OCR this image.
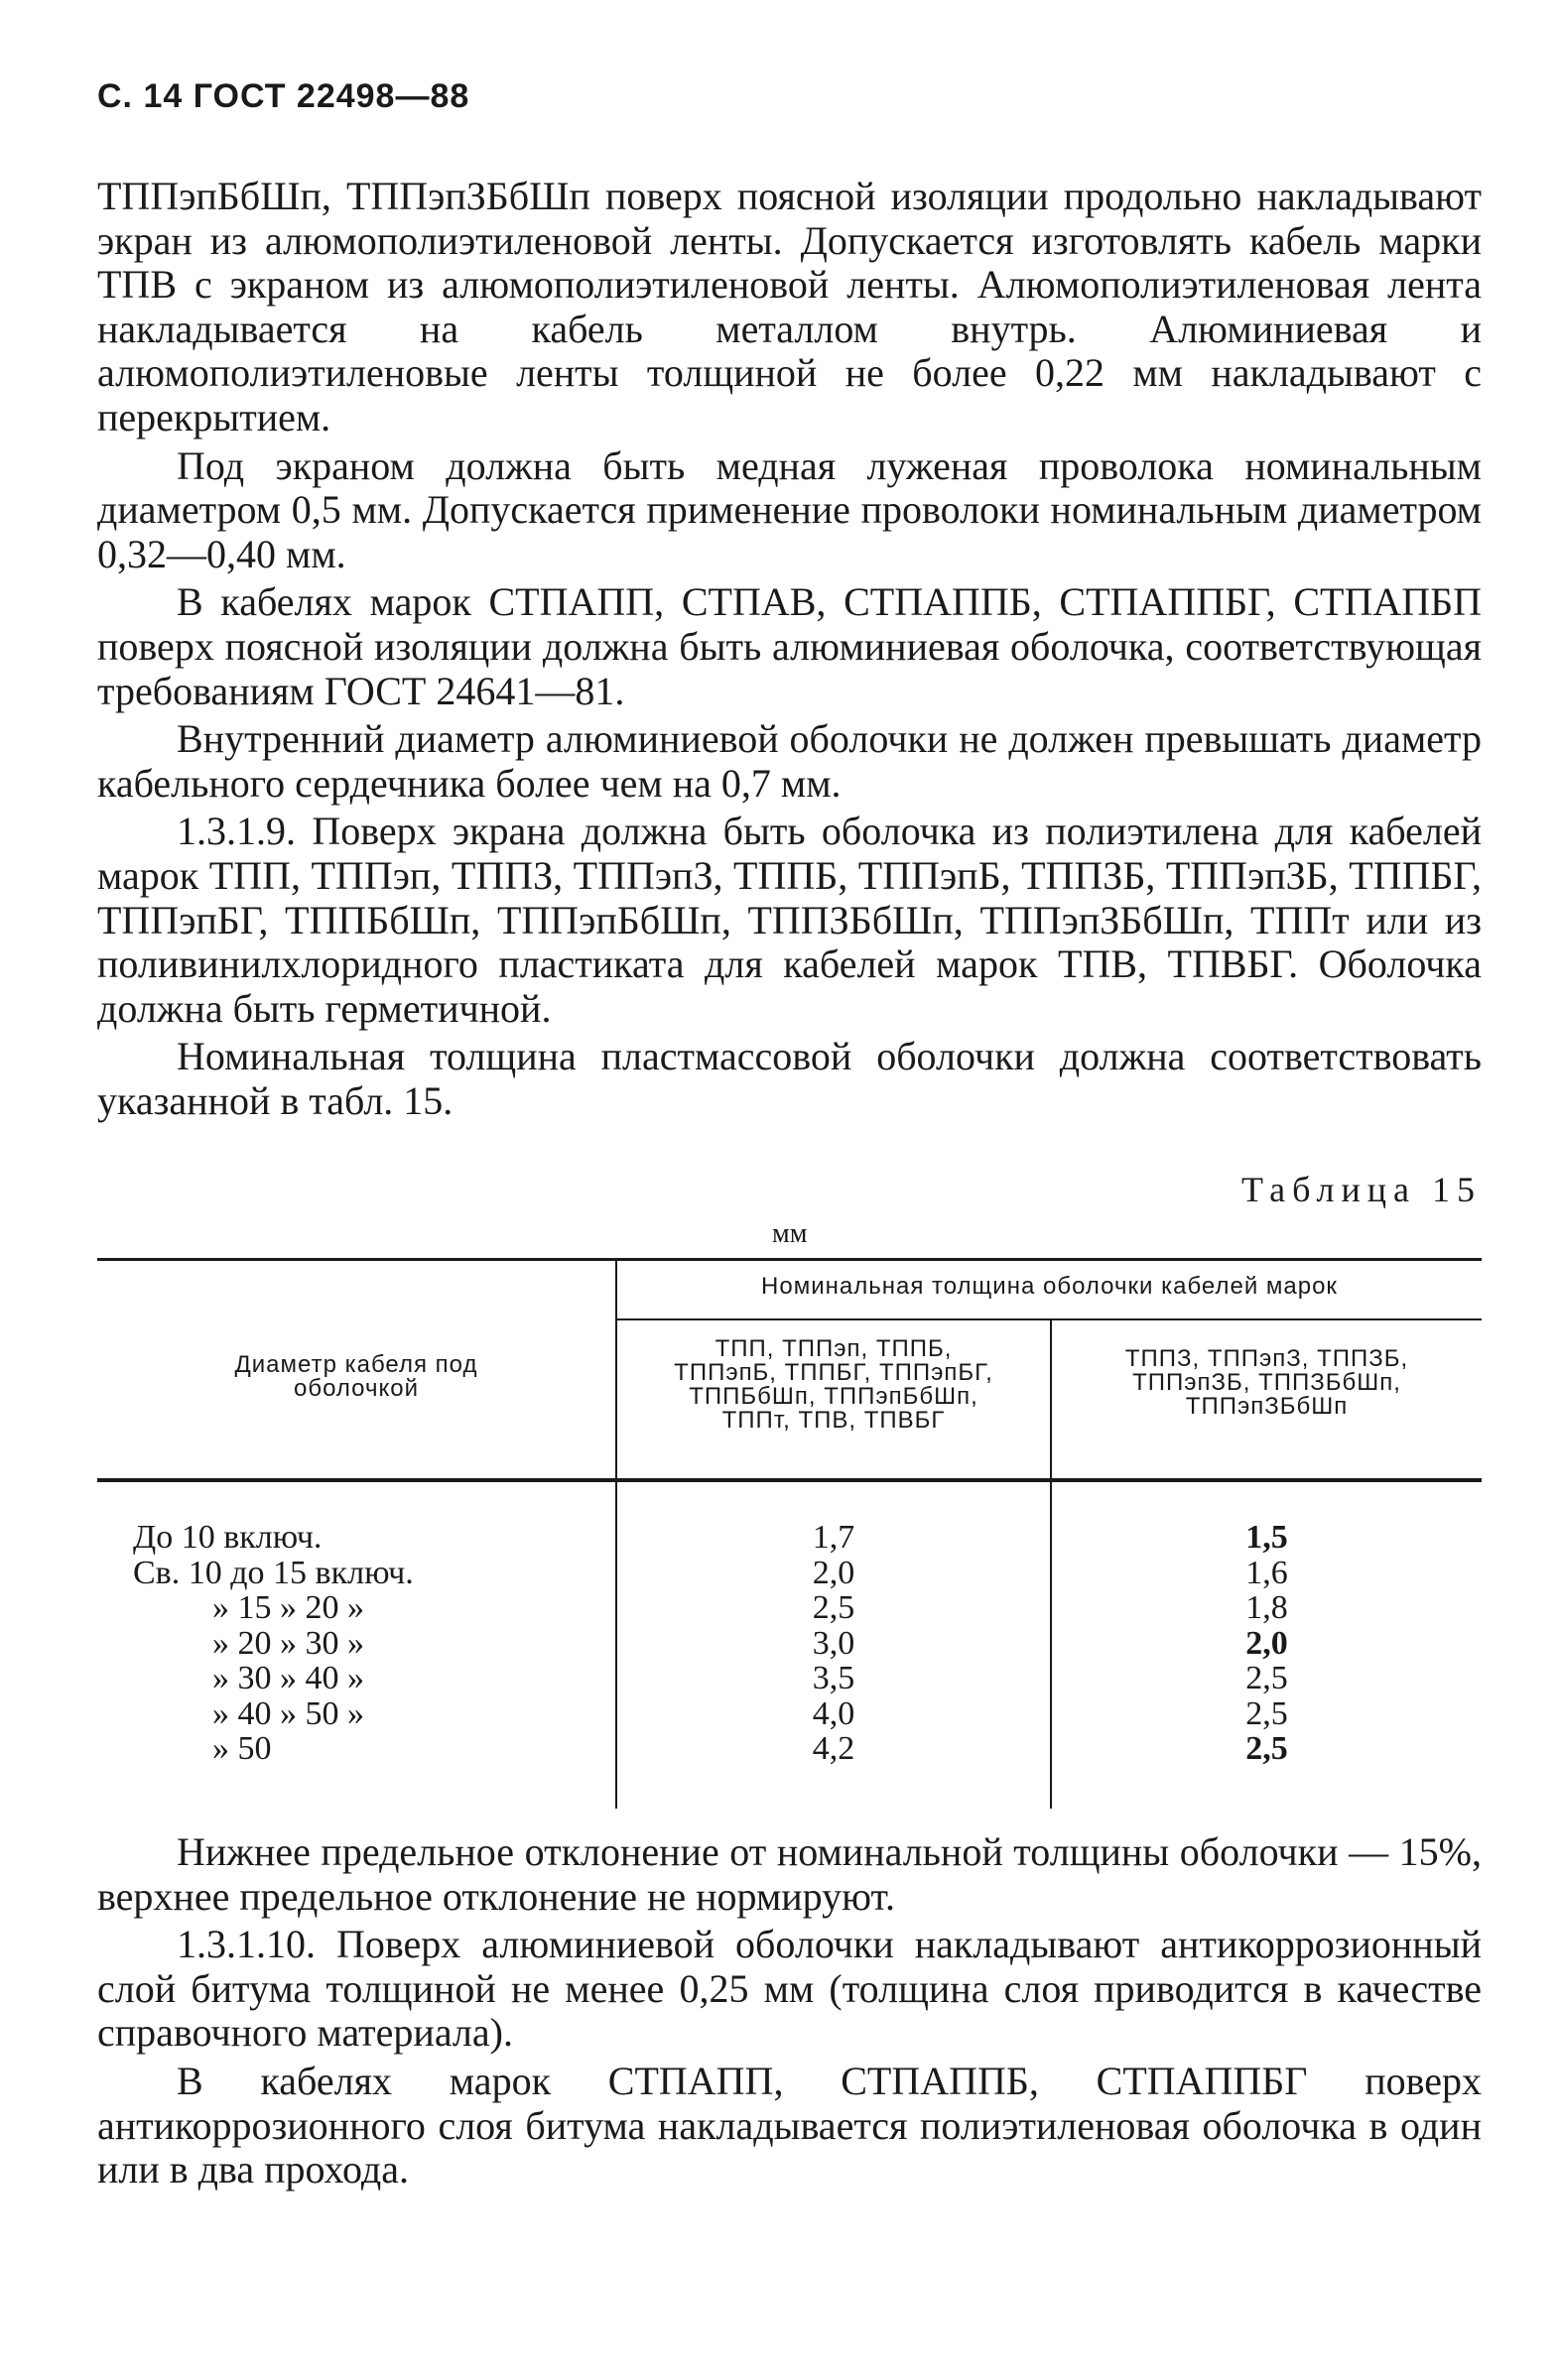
С. 14 ГОСТ 22498—88

ТППэпБбШп, ТППэпЗБбШп поверх поясной изоляции продольно накладывают экран из алюмополиэтиленовой ленты. Допускается изготовлять кабель марки ТПВ с экраном из алюмополиэтиленовой ленты. Алюмополиэтиленовая лента накладывается на кабель металлом внутрь. Алюминиевая и алюмополиэтиленовые ленты толщиной не более 0,22 мм накладывают с перекрытием.

Под экраном должна быть медная луженая проволока номинальным диаметром 0,5 мм. Допускается применение проволоки номинальным диаметром 0,32—0,40 мм.

В кабелях марок СТПАПП, СТПАВ, СТПАППБ, СТПАППБГ, СТПАПБП поверх поясной изоляции должна быть алюминиевая оболочка, соответствующая требованиям ГОСТ 24641—81.

Внутренний диаметр алюминиевой оболочки не должен превышать диаметр кабельного сердечника более чем на 0,7 мм.

1.3.1.9. Поверх экрана должна быть оболочка из полиэтилена для кабелей марок ТПП, ТППэп, ТППЗ, ТППэпЗ, ТППБ, ТППэпБ, ТППЗБ, ТППэпЗБ, ТППБГ, ТППэпБГ, ТППБбШп, ТППэпБбШп, ТППЗБбШп, ТППэпЗБбШп, ТППт или из поливинилхлоридного пластиката для кабелей марок ТПВ, ТПВБГ. Оболочка должна быть герметичной.

Номинальная толщина пластмассовой оболочки должна соответствовать указанной в табл. 15.

Таблица 15
мм
Диаметр кабеля под оболочкой
Номинальная толщина оболочки кабелей марок
ТПП, ТППэп, ТППБ, ТППэпБ, ТППБГ, ТППэпБГ, ТППБбШп, ТППэпБбШп, ТППт, ТПВ, ТПВБГ
ТППЗ, ТППэпЗ, ТППЗБ, ТППэпЗБ, ТППЗБбШп, ТППэпЗБбШп
До 10 включ.
Св. 10 до 15 включ.
» 15 » 20 »
» 20 » 30 »
» 30 » 40 »
» 40 » 50 »
» 50
1,7
2,0
2,5
3,0
3,5
4,0
4,2
1,5
1,6
1,8
2,0
2,5
2,5
2,5

Нижнее предельное отклонение от номинальной толщины оболочки — 15%, верхнее предельное отклонение не нормируют.

1.3.1.10. Поверх алюминиевой оболочки накладывают антикоррозионный слой битума толщиной не менее 0,25 мм (толщина слоя приводится в качестве справочного материала).

В кабелях марок СТПАПП, СТПАППБ, СТПАППБГ поверх антикоррозионного слоя битума накладывается полиэтиленовая оболочка в один или в два прохода.
